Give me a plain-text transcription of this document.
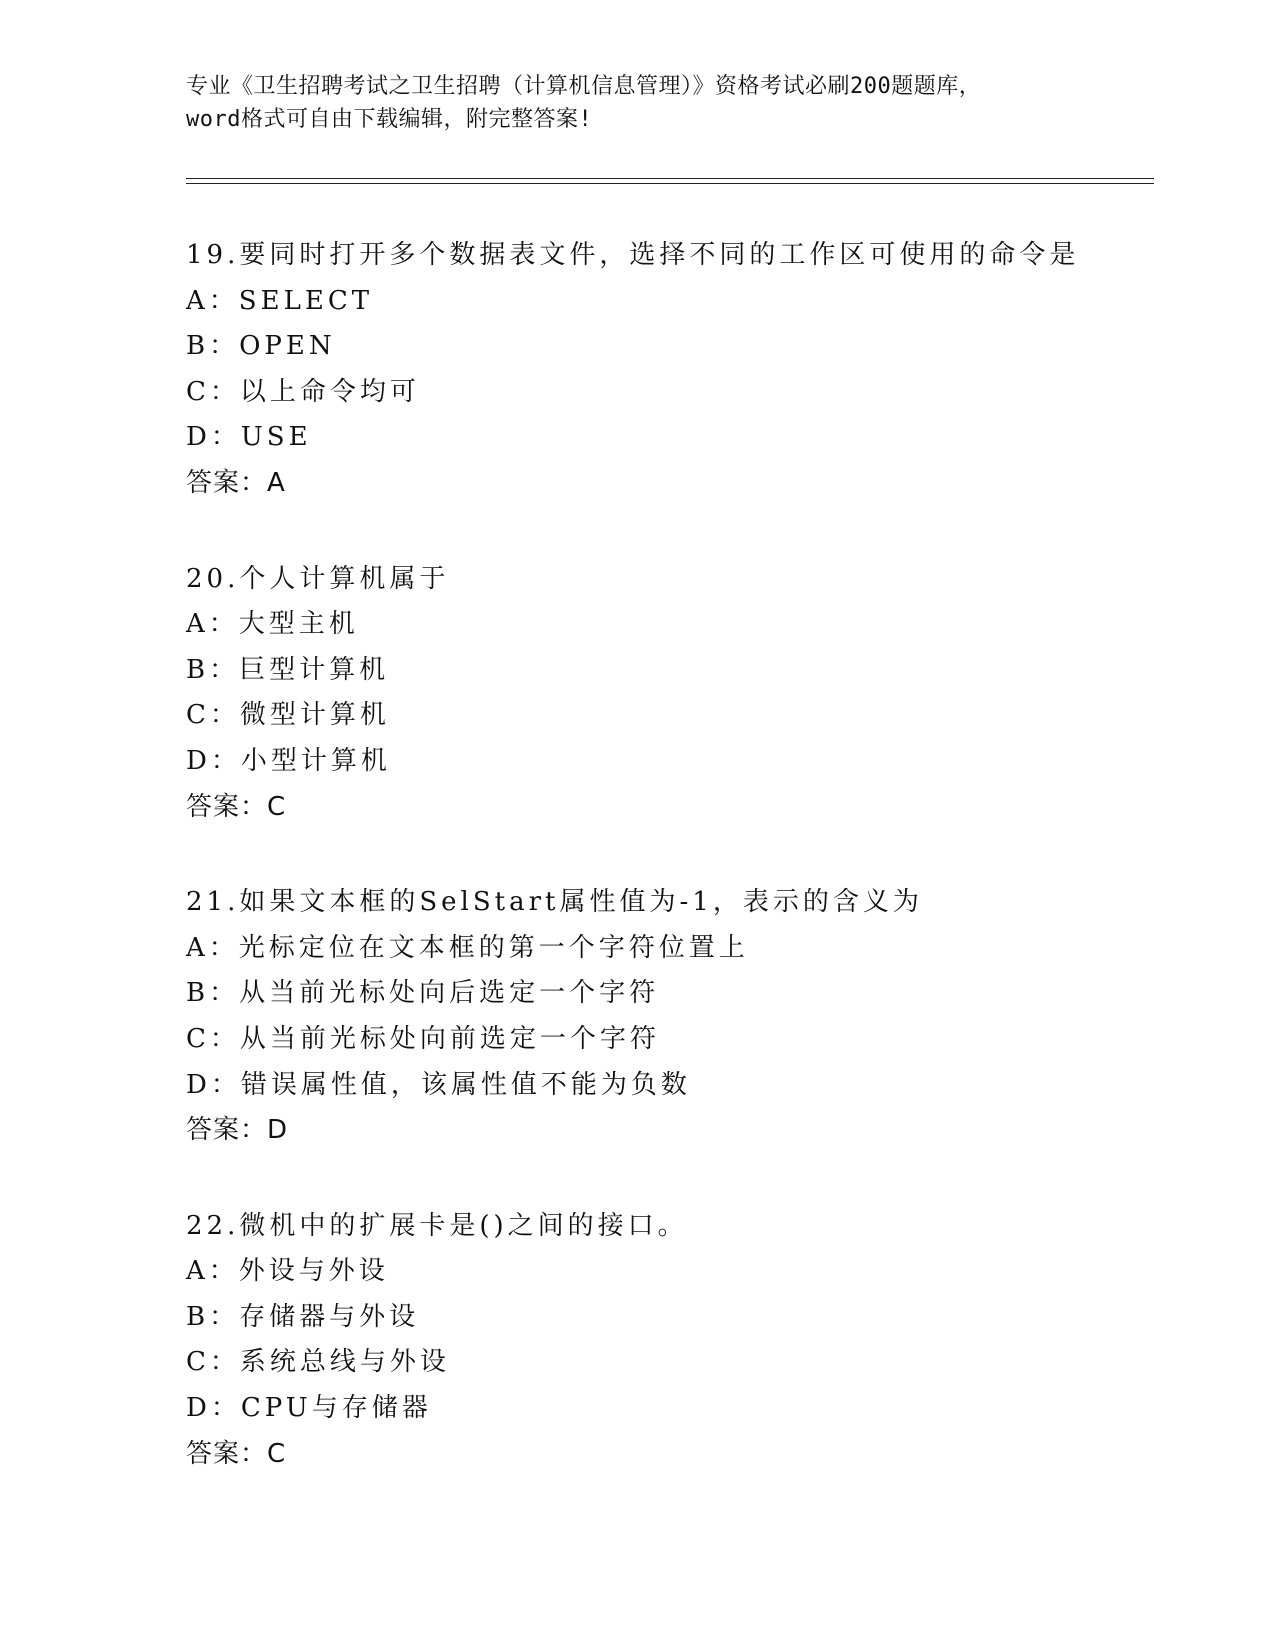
专业《卫生招聘考试之卫生招聘（计算机信息管理）》资格考试必刷200题题库，
word格式可自由下载编辑，附完整答案!
19.要同时打开多个数据表文件，选择不同的工作区可使用的命令是
A：SELECT
B：OPEN
C：以上命令均可
D：USE
答案：A
20.个人计算机属于
A：大型主机
B：巨型计算机
C：微型计算机
D：小型计算机
答案：C
21.如果文本框的SelStart属性值为-1，表示的含义为
A：光标定位在文本框的第一个字符位置上
B：从当前光标处向后选定一个字符
C：从当前光标处向前选定一个字符
D：错误属性值，该属性值不能为负数
答案：D
22.微机中的扩展卡是()之间的接口。
A：外设与外设
B：存储器与外设
C：系统总线与外设
D：CPU与存储器
答案：C
